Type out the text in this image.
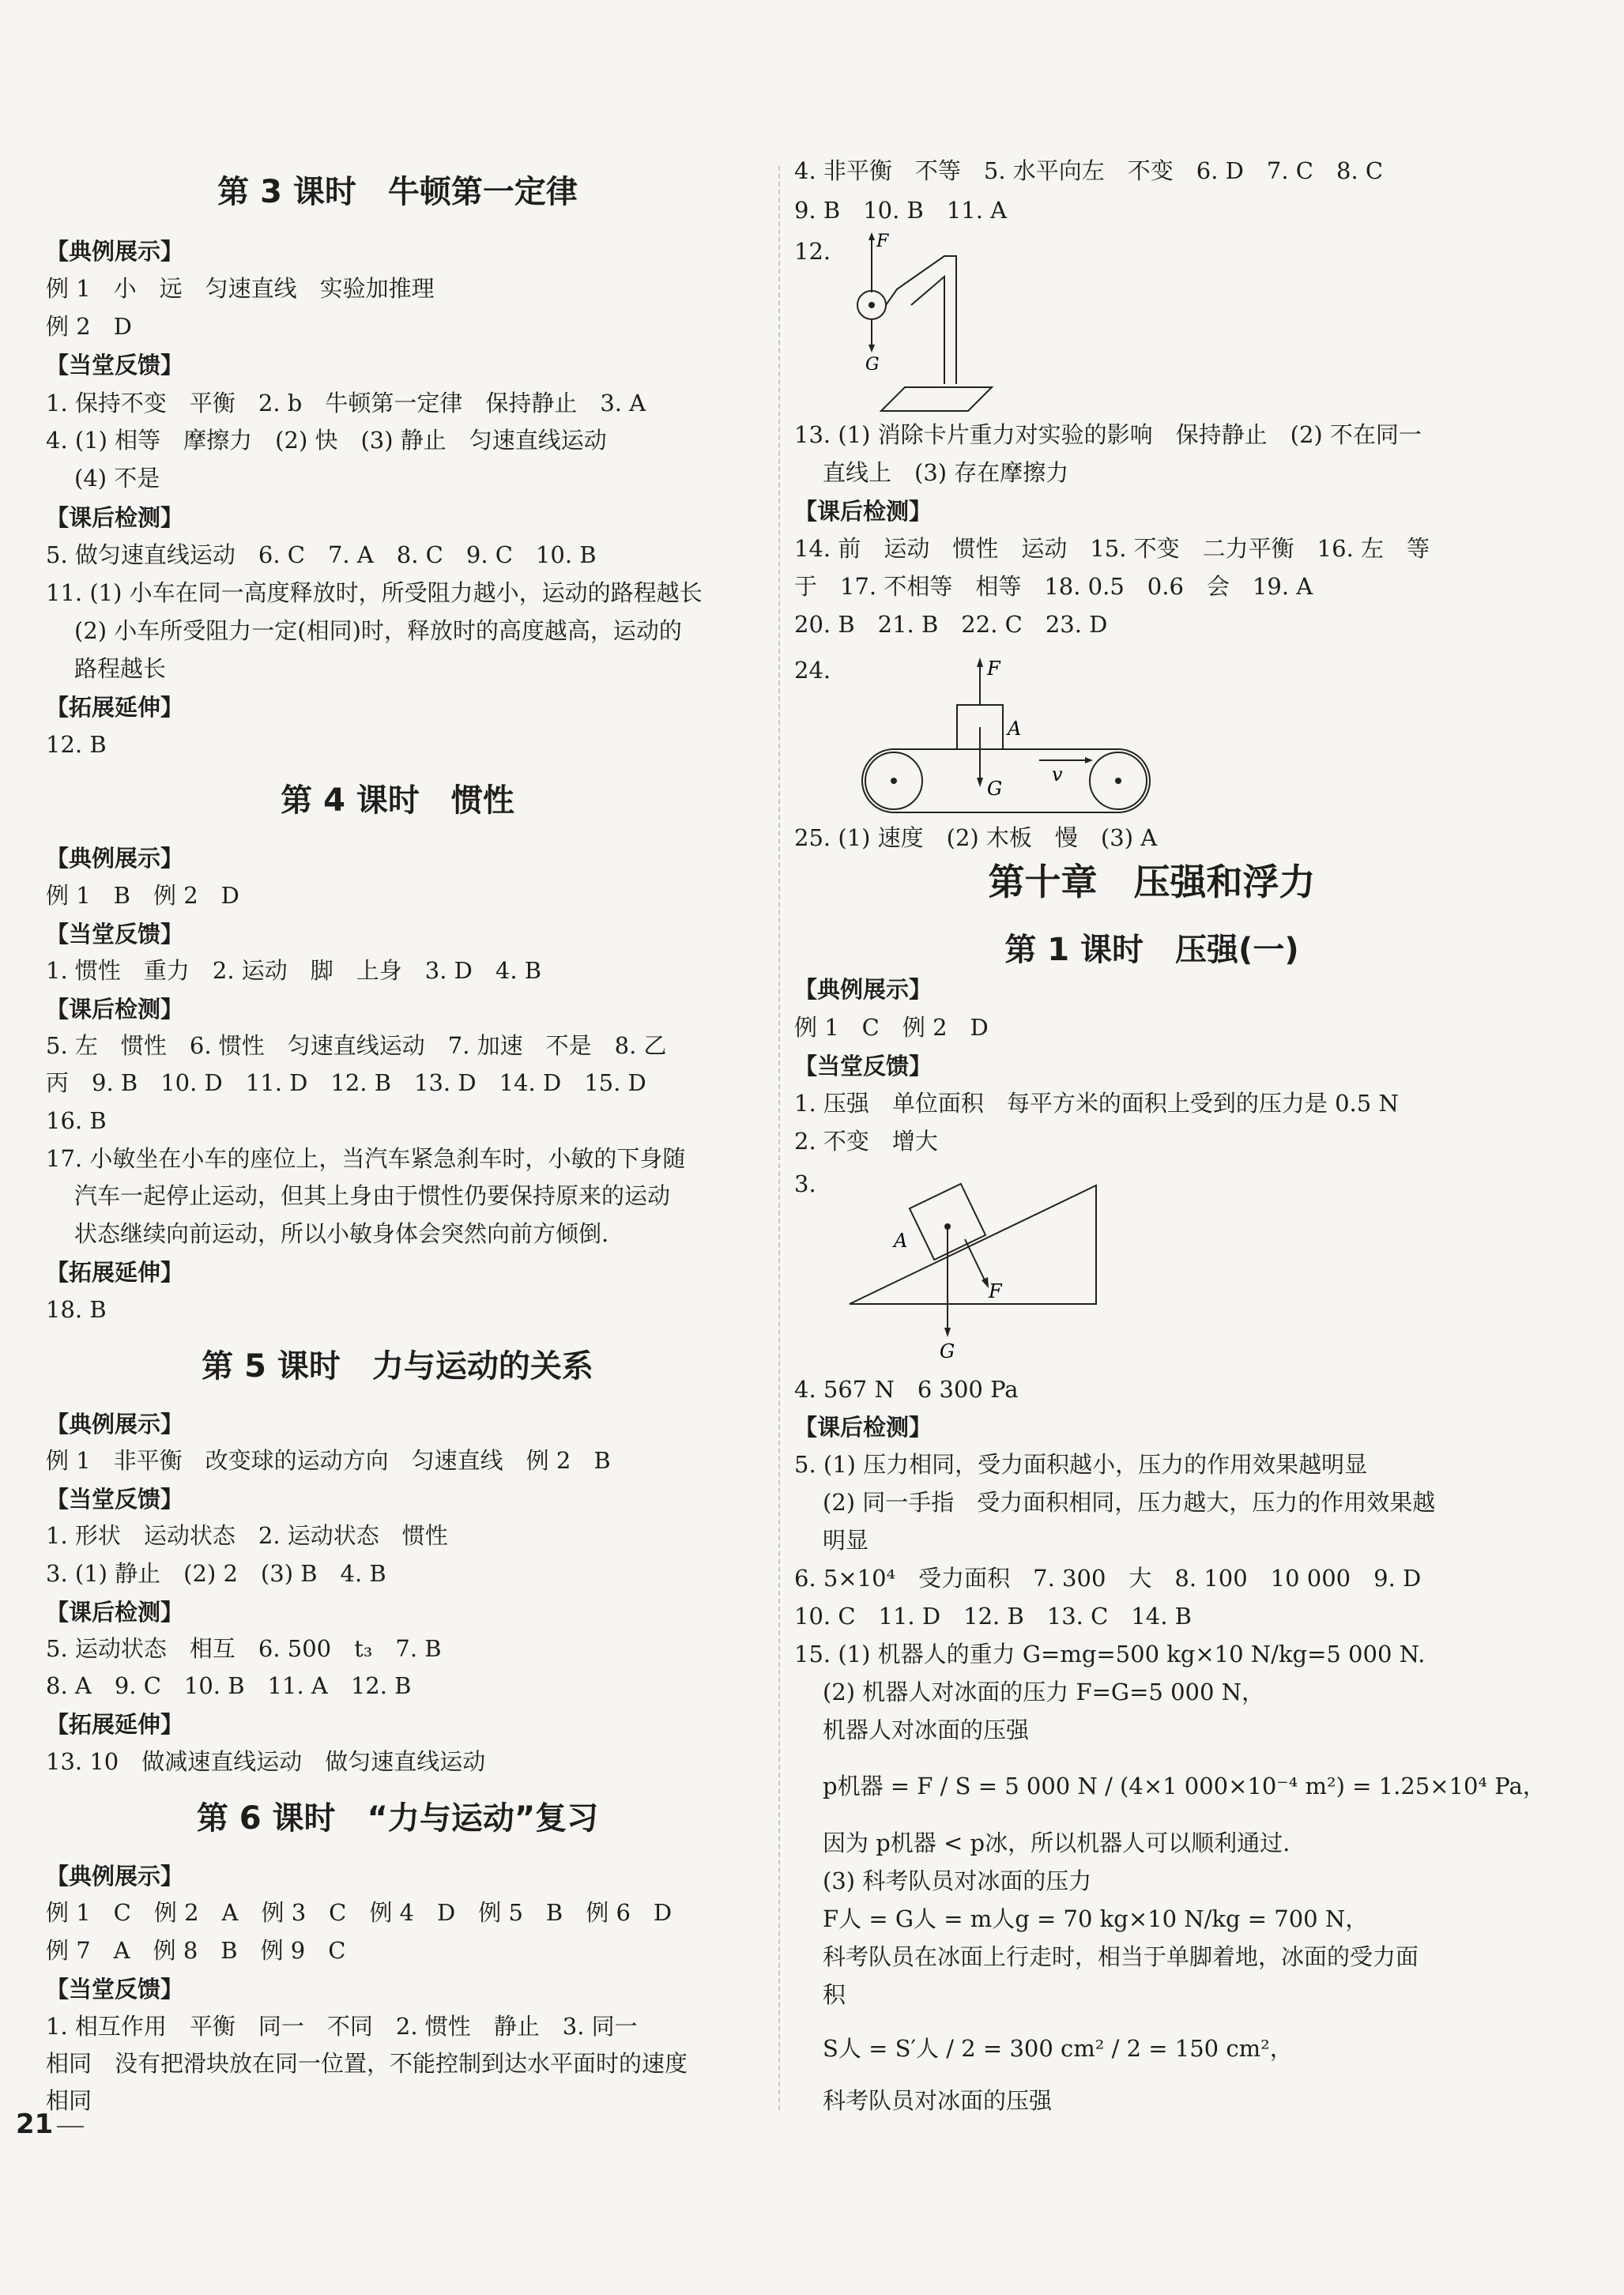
第 3 课时　牛顿第一定律
【典例展示】
例 1　小　远　匀速直线　实验加推理
例 2　D
【当堂反馈】
1. 保持不变　平衡　2. b　牛顿第一定律　保持静止　3. A
4. (1) 相等　摩擦力　(2) 快　(3) 静止　匀速直线运动
(4) 不是
【课后检测】
5. 做匀速直线运动　6. C　7. A　8. C　9. C　10. B
11. (1) 小车在同一高度释放时，所受阻力越小，运动的路程越长
(2) 小车所受阻力一定(相同)时，释放时的高度越高，运动的
路程越长
【拓展延伸】
12. B
第 4 课时　惯性
【典例展示】
例 1　B　例 2　D
【当堂反馈】
1. 惯性　重力　2. 运动　脚　上身　3. D　4. B
【课后检测】
5. 左　惯性　6. 惯性　匀速直线运动　7. 加速　不是　8. 乙
丙　9. B　10. D　11. D　12. B　13. D　14. D　15. D
16. B
17. 小敏坐在小车的座位上，当汽车紧急刹车时，小敏的下身随
汽车一起停止运动，但其上身由于惯性仍要保持原来的运动
状态继续向前运动，所以小敏身体会突然向前方倾倒.
【拓展延伸】
18. B
第 5 课时　力与运动的关系
【典例展示】
例 1　非平衡　改变球的运动方向　匀速直线　例 2　B
【当堂反馈】
1. 形状　运动状态　2. 运动状态　惯性
3. (1) 静止　(2) 2　(3) B　4. B
【课后检测】
5. 运动状态　相互　6. 500　t₃　7. B
8. A　9. C　10. B　11. A　12. B
【拓展延伸】
13. 10　做减速直线运动　做匀速直线运动
第 6 课时　“力与运动”复习
【典例展示】
例 1　C　例 2　A　例 3　C　例 4　D　例 5　B　例 6　D
例 7　A　例 8　B　例 9　C
【当堂反馈】
1. 相互作用　平衡　同一　不同　2. 惯性　静止　3. 同一
相同　没有把滑块放在同一位置，不能控制到达水平面时的速度
相同
4. 非平衡　不等　5. 水平向左　不变　6. D　7. C　8. C
9. B　10. B　11. A
12.	F
G
13. (1) 消除卡片重力对实验的影响　保持静止　(2) 不在同一
直线上　(3) 存在摩擦力
【课后检测】
14. 前　运动　惯性　运动　15. 不变　二力平衡　16. 左　等
于　17. 不相等　相等　18. 0.5　0.6　会　19. A
20. B　21. B　22. C　23. D
24.	F
A
G
v
25. (1) 速度　(2) 木板　慢　(3) A
第十章　压强和浮力
第 1 课时　压强(一)
【典例展示】
例 1　C　例 2　D
【当堂反馈】
1. 压强　单位面积　每平方米的面积上受到的压力是 0.5 N
2. 不变　增大
3.
G
F
A
4. 567 N　6 300 Pa
【课后检测】
5. (1) 压力相同，受力面积越小，压力的作用效果越明显
(2) 同一手指　受力面积相同，压力越大，压力的作用效果越
明显
6. 5×10⁴　受力面积　7. 300　大　8. 100　10 000　9. D
10. C　11. D　12. B　13. C　14. B
15. (1) 机器人的重力 G=mg=500 kg×10 N/kg=5 000 N.
(2) 机器人对冰面的压力 F=G=5 000 N，
机器人对冰面的压强
p机器 = F / S = 5 000 N / (4×1 000×10⁻⁴ m²) = 1.25×10⁴ Pa，
因为 p机器 < p冰，所以机器人可以顺利通过.
(3) 科考队员对冰面的压力
F人 = G人 = m人g = 70 kg×10 N/kg = 700 N，
科考队员在冰面上行走时，相当于单脚着地，冰面的受力面
积
S人 = S′人 / 2 = 300 cm² / 2 = 150 cm²，
科考队员对冰面的压强
21
